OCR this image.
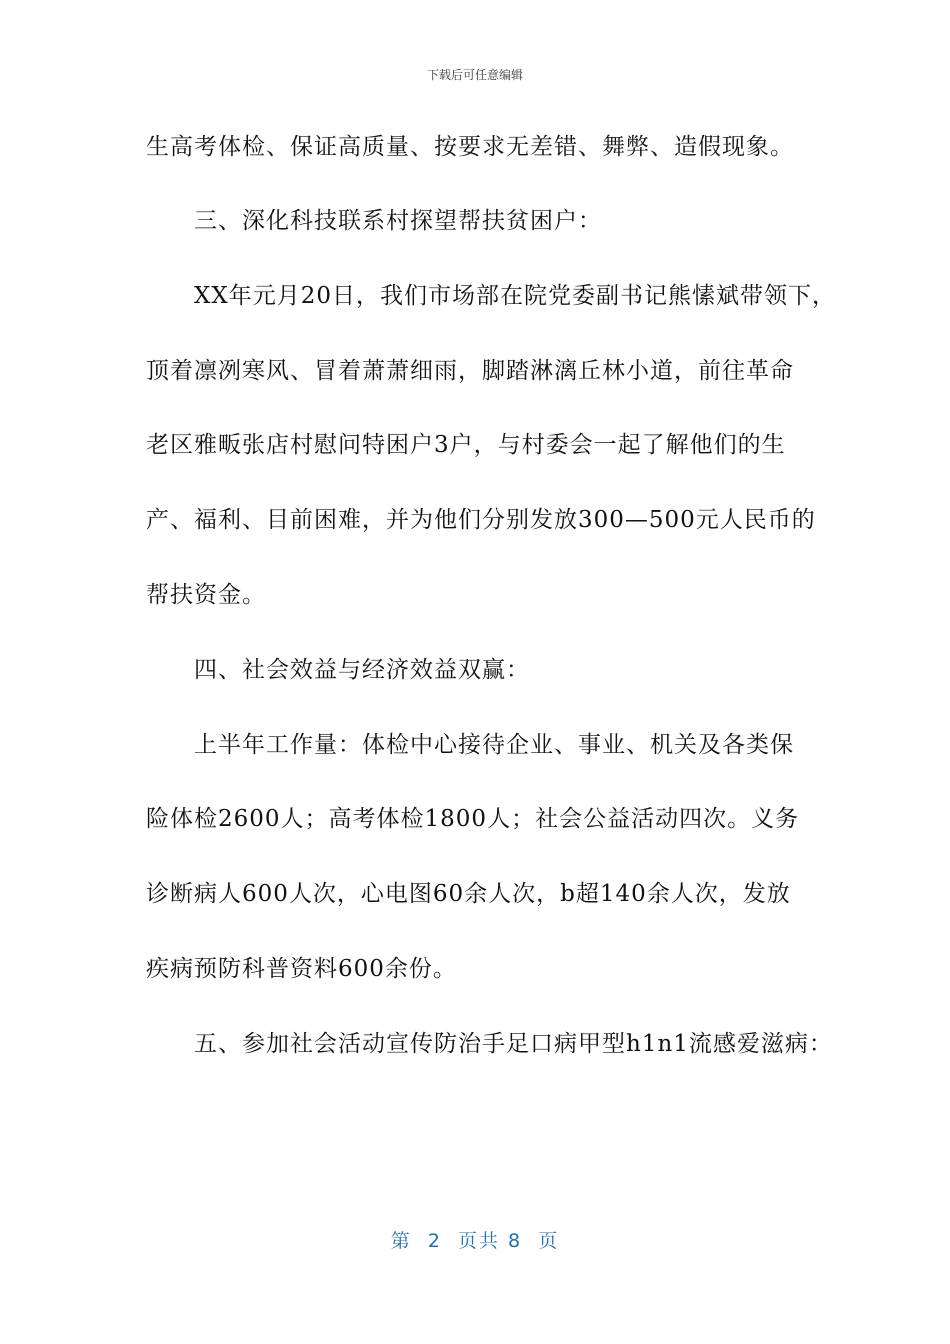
下载后可任意编辑
生高考体检、保证高质量、按要求无差错、舞弊、造假现象。
三、深化科技联系村探望帮扶贫困户：
XX年元月20日，我们市场部在院党委副书记熊愫斌带领下，
顶着凛冽寒风、冒着萧萧细雨，脚踏淋漓丘林小道，前往革命
老区雅畈张店村慰问特困户3户，与村委会一起了解他们的生
产、福利、目前困难，并为他们分别发放300—500元人民币的
帮扶资金。
四、社会效益与经济效益双赢：
上半年工作量：体检中心接待企业、事业、机关及各类保
险体检2600人；高考体检1800人；社会公益活动四次。义务
诊断病人600人次，心电图60余人次，b超140余人次，发放
疾病预防科普资料600余份。
五、参加社会活动宣传防治手足口病甲型h1n1流感爱滋病：
第  2  页共 8  页
